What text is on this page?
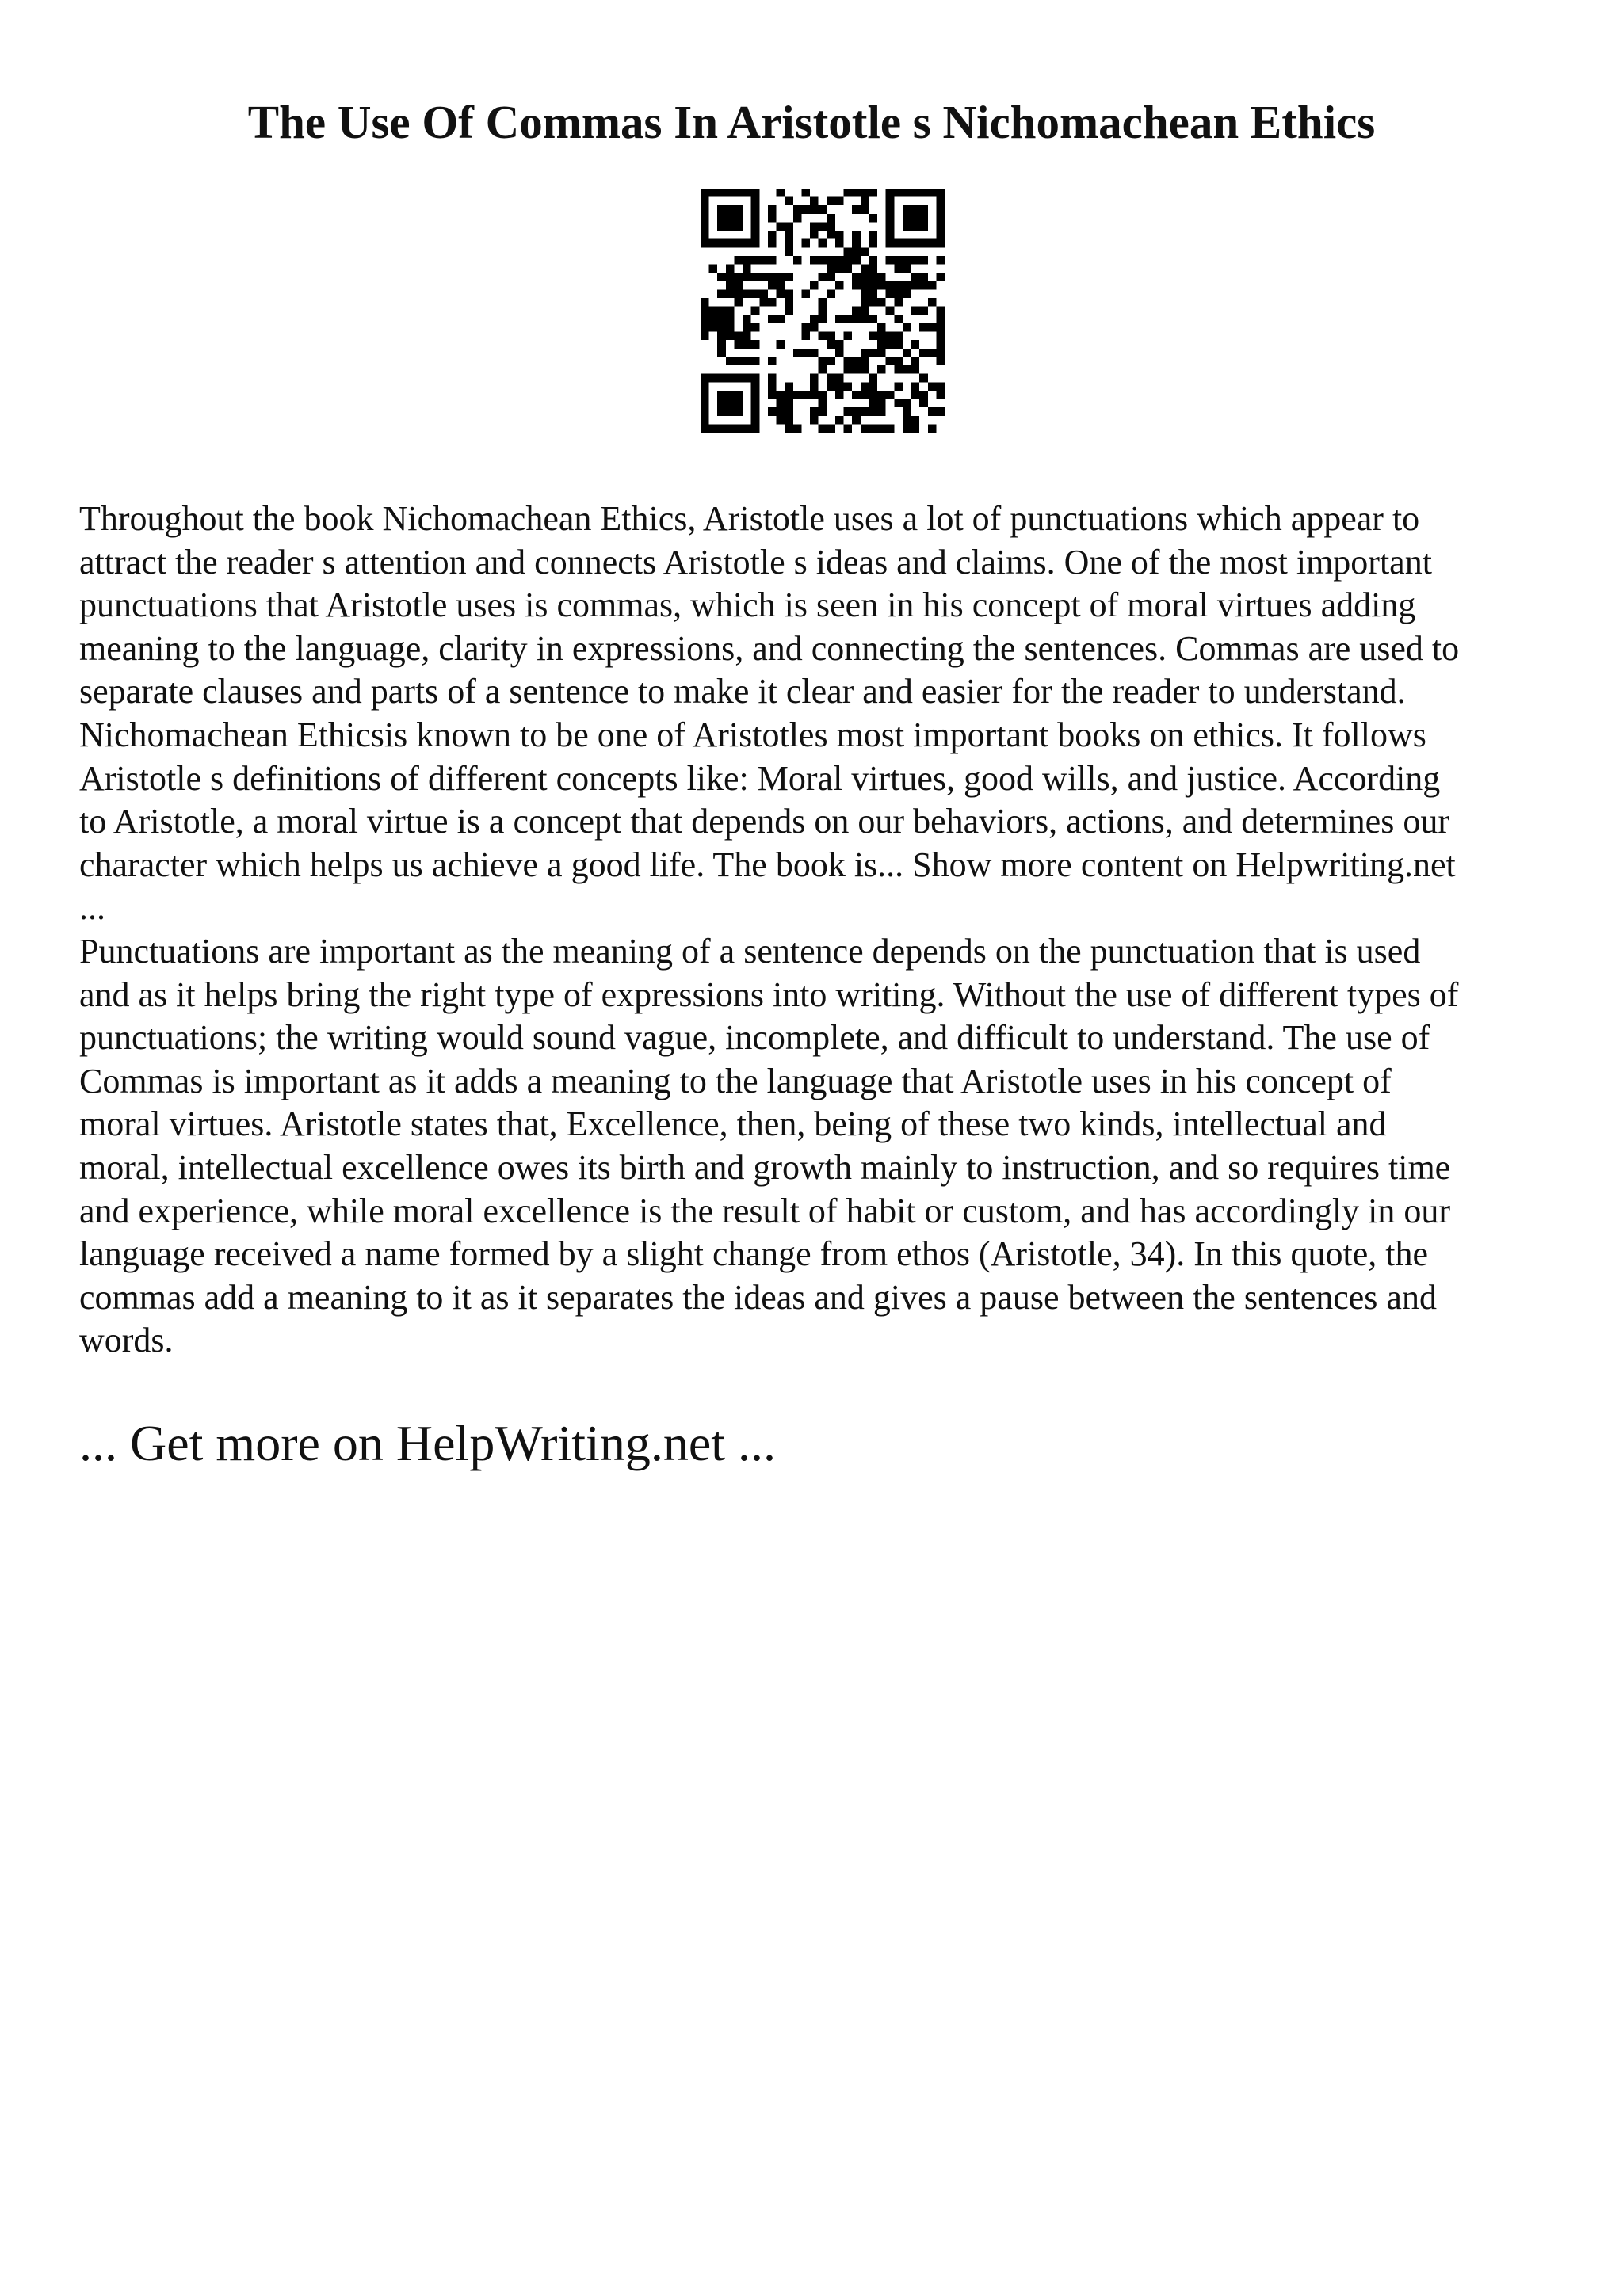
The Use Of Commas In Aristotle s Nichomachean Ethics

Throughout the book Nichomachean Ethics, Aristotle uses a lot of punctuations which appear to
attract the reader s attention and connects Aristotle s ideas and claims. One of the most important
punctuations that Aristotle uses is commas, which is seen in his concept of moral virtues adding
meaning to the language, clarity in expressions, and connecting the sentences. Commas are used to
separate clauses and parts of a sentence to make it clear and easier for the reader to understand.
Nichomachean Ethicsis known to be one of Aristotles most important books on ethics. It follows
Aristotle s definitions of different concepts like: Moral virtues, good wills, and justice. According
to Aristotle, a moral virtue is a concept that depends on our behaviors, actions, and determines our
character which helps us achieve a good life. The book is... Show more content on Helpwriting.net
...

Punctuations are important as the meaning of a sentence depends on the punctuation that is used
and as it helps bring the right type of expressions into writing. Without the use of different types of
punctuations; the writing would sound vague, incomplete, and difficult to understand. The use of
Commas is important as it adds a meaning to the language that Aristotle uses in his concept of
moral virtues. Aristotle states that, Excellence, then, being of these two kinds, intellectual and
moral, intellectual excellence owes its birth and growth mainly to instruction, and so requires time
and experience, while moral excellence is the result of habit or custom, and has accordingly in our
language received a name formed by a slight change from ethos (Aristotle, 34). In this quote, the
commas add a meaning to it as it separates the ideas and gives a pause between the sentences and
words.

... Get more on HelpWriting.net ...
